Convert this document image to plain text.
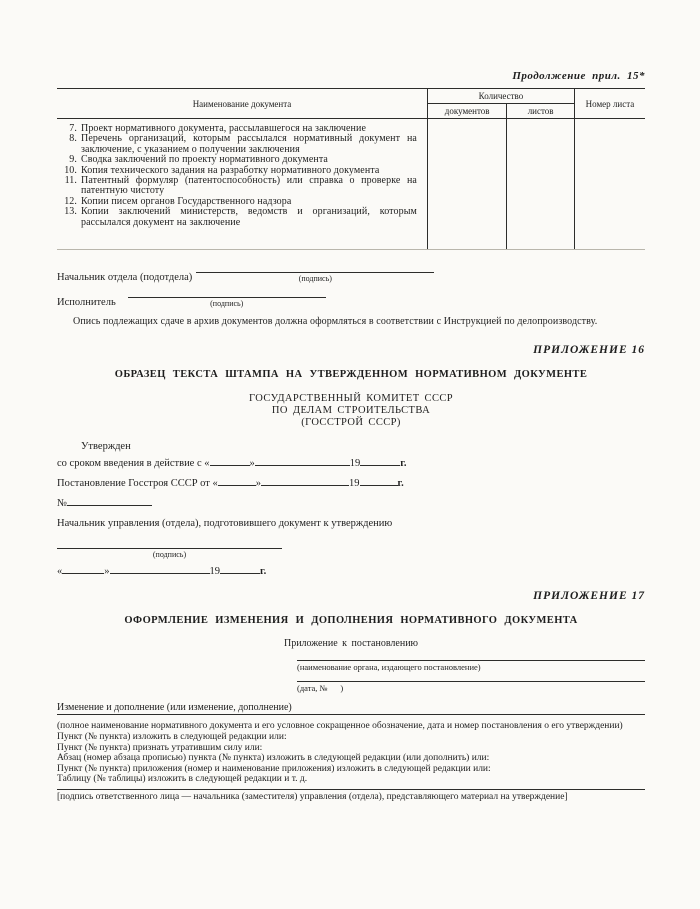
Продолжение прил. 15*
Наименование документа	Количество		Номер листа
	документов	листов	

7. Проект нормативного документа, рассылавшегося на заключение
8. Перечень организаций, которым рассылался нормативный документ на заключение, с указанием о получении заключения
9. Сводка заключений по проекту нормативного документа
10. Копия технического задания на разработку нормативного документа
11. Патентный формуляр (патентоспособность) или справка о проверке на патентную чистоту
12. Копии писем органов Государственного надзора
13. Копии заключений министерств, ведомств и организаций, которым рассылался документ на заключение

Начальник отдела (подотдела)	(подпись)
Исполнитель	(подпись)
Опись подлежащих сдаче в архив документов должна оформляться в соответствии с Инструкцией по делопроизводству.
ПРИЛОЖЕНИЕ 16
ОБРАЗЕЦ ТЕКСТА ШТАМПА НА УТВЕРЖДЕННОМ НОРМАТИВНОМ ДОКУМЕНТЕ
ГОСУДАРСТВЕННЫЙ КОМИТЕТ СССР
ПО ДЕЛАМ СТРОИТЕЛЬСТВА
(ГОССТРОЙ СССР)
Утвержден
со сроком введения в действие с «	»	19	г.
Постановление Госстроя СССР от «	»	19	г.
№
Начальник управления (отдела), подготовившего документ к утверждению
(подпись)
«	»	19	г.
ПРИЛОЖЕНИЕ 17
ОФОРМЛЕНИЕ ИЗМЕНЕНИЯ И ДОПОЛНЕНИЯ НОРМАТИВНОГО ДОКУМЕНТА
Приложение к постановлению
(наименование органа, издающего постановление)
(дата, №      )
Изменение и дополнение (или изменение, дополнение)
(полное наименование нормативного документа и его условное сокращенное обозначение, дата и номер постановления о его утверждении)
Пункт (№ пункта) изложить в следующей редакции или:
Пункт (№ пункта) признать утратившим силу или:
Абзац (номер абзаца прописью) пункта (№ пункта) изложить в следующей редакции (или дополнить) или:
Пункт (№ пункта) приложения (номер и наименование приложения) изложить в следующей редакции или:
Таблицу (№ таблицы) изложить в следующей редакции и т. д.
[подпись ответственного лица — начальника (заместителя) управления (отдела), представляющего материал на утверждение]
